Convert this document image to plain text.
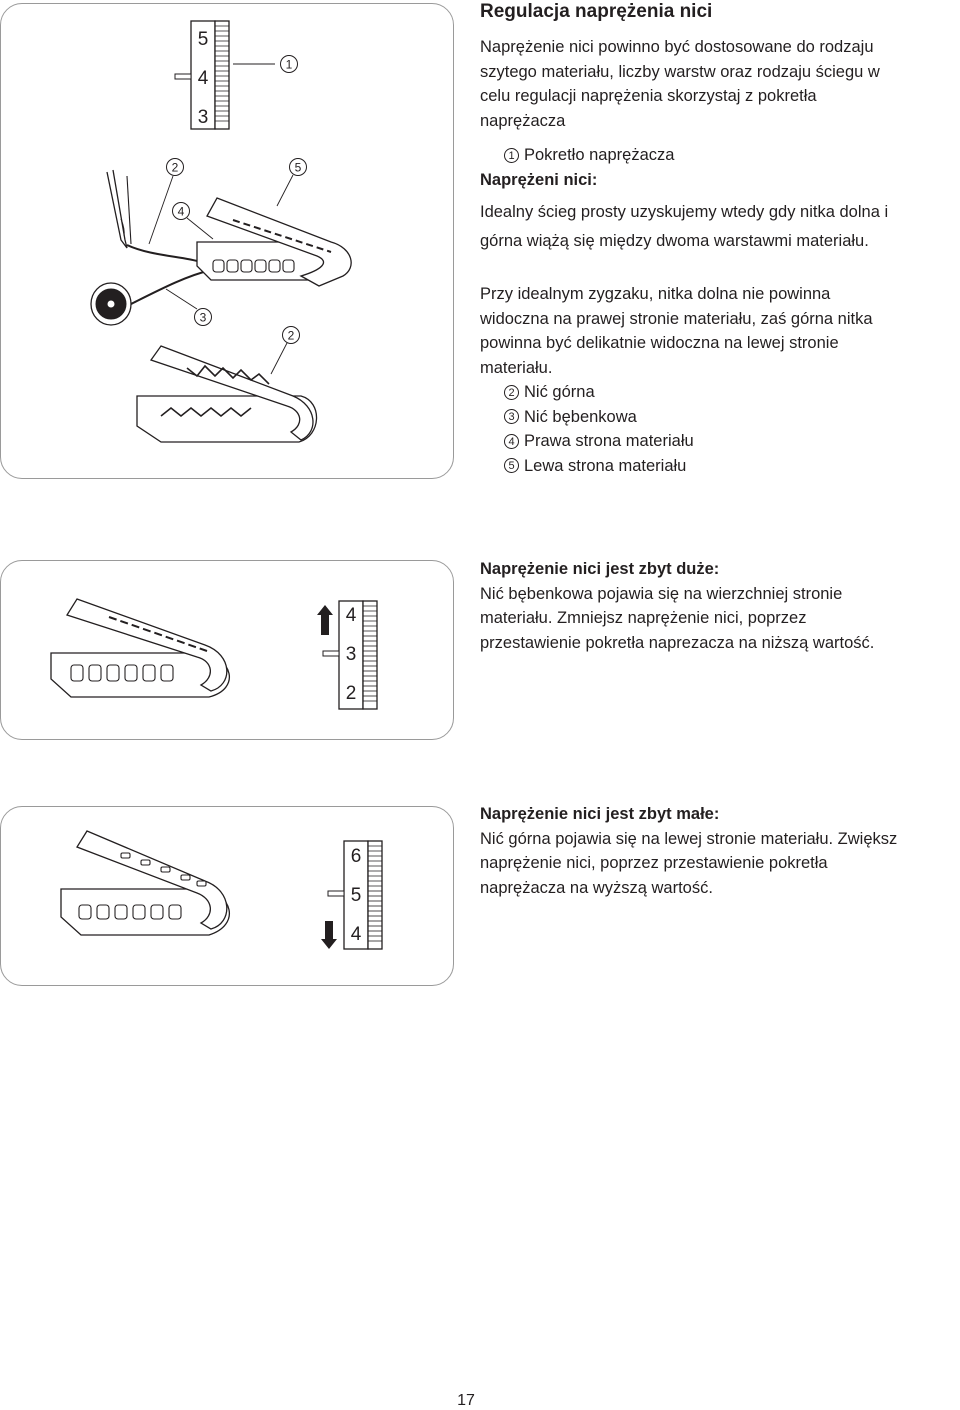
5
4
3
1
2
4
5
3
2

Regulacja naprężenia nici

Naprężenie nici powinno być dostosowane do rodzaju

szytego materiału, liczby warstw oraz rodzaju ściegu w

celu regulacji naprężenia skorzystaj z pokretła

naprężacza

1 Pokretło naprężacza

Naprężeni nici:

Idealny ścieg prosty uzyskujemy wtedy gdy nitka dolna i

górna wiążą się między dwoma warstawmi materiału.

Przy idealnym zygzaku, nitka dolna nie powinna

widoczna na prawej stronie materiału, zaś górna nitka

powinna być delikatnie widoczna na lewej stronie

materiału.

2 Nić górna
3 Nić bębenkowa
4 Prawa strona materiału
5 Lewa strona materiału
4
3
2

Naprężenie nici jest zbyt duże:

Nić bębenkowa pojawia się na wierzchniej stronie

materiału. Zmniejsz naprężenie nici, poprzez

przestawienie pokretła naprezacza na niższą wartość.

6
5
4

Naprężenie nici jest zbyt małe:

Nić górna pojawia się na lewej stronie materiału. Zwiększ

naprężenie nici, poprzez przestawienie pokretła

naprężacza na wyższą wartość.

17
